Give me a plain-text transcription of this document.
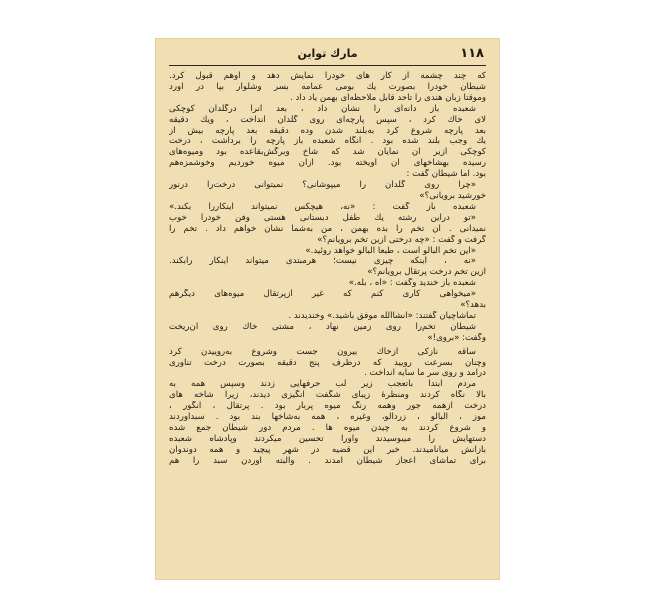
۱۱۸
مارك تواين
که چند چشمه از کار های خودرا نمایش دهد و اوهم قبول کرد.
شیطان خودرا بصورت یك بومی عمامه بسر وشلوار بپا در آورد
وموقتا زبان هندی را تاحد قابل ملاحظه‌ای بهمن یاد داد .
شعبده باز دانه‌ای را نشان داد ، بعد آنرا درگلدان کوچکی
لای خاك کرد ، سپس پارچه‌ای روی گلدان انداخت ، ویك دقیقه
بعد پارچه شروع کرد به‌بلند شدن وده دقیقه بعد پارچه بیش از
یك وجب بلند شده بود . آنگاه شعبده باز پارچه را برداشت ، درخت
کوچکی ازیر آن نمایان شد که شاخ وبرگش‌بقاعده بود ومیوه‌های
رسیده بهشاخهای آن آویخته بود. ازآن میوه خوردیم وخوشمزه‌هم
بود. اما شیطان گفت :
«چرا روی گلدان را میپوشانی؟ نمیتوانی درخت‌را درنور
خورشید برویانی؟»
شعبده باز گفت : «نه، هیچکس نمیتواند اینکاررا بکند.»
«تو دراین رشته یك طفل دبستانی هستی وفن خودرا خوب
نمیدانی . آن تخم را بده بهمن ، من به‌شما نشان خواهم داد . تخم را
گرفت و گفت : «چه درختی ازین تخم برویانم؟»
«این تخم آلبالو است ، طبعا آلبالو خواهد روئید.»
«نه ، اینکه چیزی نیست؛ هرمبتدی میتواند اینکار رابکند.
ازین تخم درخت پرتقال برویانم؟»
شعبده باز خندید وگفت : «آه ، بله.»
«میخواهی کاری کنم که غیر ازپرتقال میوه‌های دیگرهم
بدهد؟»
تماشاچیان گفتند: «انشاالله موفق باشید.» وخندیدند .
شیطان تخم‌را روی زمین نهاد ، مشتی خاك روی آن‌ریخت
وگفت: «بروی!»
ساقه نازکی ازخاك بیرون جست وشروع به‌روییدن کرد
وچنان بسرعت رویید که درظرف پنج دقیقه بصورت درخت تناوری
درآمد و روی سر ما سایه انداخت .
مردم ابتدا باتعجب زیر لب حرفهایی زدند وسپس همه به
بالا نگاه کردند ومنظرهٔ زیبای شگفت انگیزی دیدند، زیرا شاخه های
درخت ازهمه جور وهمه رنگ میوه پربار بود . پرتقال ، انگور ،
موز ، آلبالو ، زردآلو، وغیره ، همه به‌شاخها بند بود . سبدآوردند
و شروع کردند به چیدن میوه ها . مردم دور شیطان جمع شده
دستهایش را میبوسیدند واورا تحسین میکردند وپادشاه شعبده
بازانش میانامیدند. خبر این قضیه در شهر پیچید و همه دوندوان
برای تماشای اعجاز شیطان آمدند . والبته آوردن سبد را هم
